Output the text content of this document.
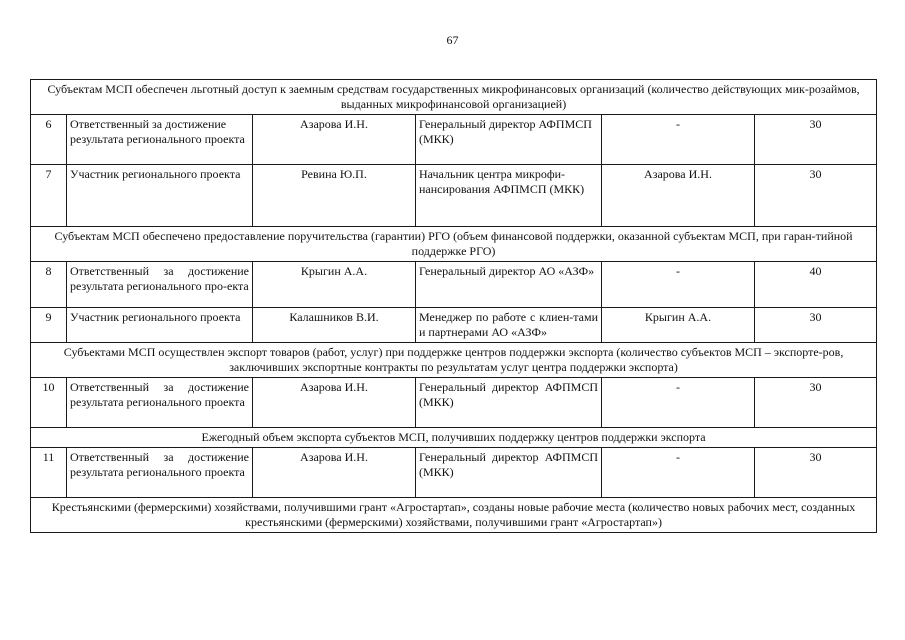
67
Субъектам МСП обеспечен льготный доступ к заемным средствам государственных микрофинансовых организаций (количество действующих мик-розаймов, выданных микрофинансовой организацией)					
6	Ответственный за достижение результата регионального проекта	Азарова И.Н.	Генеральный директор АФПМСП (МКК)	-	30
7	Участник регионального проекта	Ревина Ю.П.	Начальник центра микрофи-нансирования АФПМСП (МКК)	Азарова И.Н.	30
Субъектам МСП обеспечено предоставление поручительства (гарантии) РГО (объем финансовой поддержки, оказанной субъектам МСП, при гаран-тийной поддержке РГО)					
8	Ответственный за достижение результата регионального про-екта	Крыгин А.А.	Генеральный директор АО «АЗФ»	-	40
9	Участник регионального проекта	Калашников В.И.	Менеджер по работе с клиен-тами и партнерами АО «АЗФ»	Крыгин А.А.	30
Субъектами МСП осуществлен экспорт товаров (работ, услуг) при поддержке центров поддержки экспорта (количество субъектов МСП – экспорте-ров, заключивших экспортные контракты по результатам услуг центра поддержки экспорта)					
10	Ответственный за достижение результата регионального проекта	Азарова И.Н.	Генеральный директор АФПМСП (МКК)	-	30
Ежегодный объем экспорта субъектов МСП, получивших поддержку центров поддержки экспорта					
11	Ответственный за достижение результата регионального проекта	Азарова И.Н.	Генеральный директор АФПМСП (МКК)	-	30
Крестьянскими (фермерскими) хозяйствами, получившими грант «Агростартап», созданы новые рабочие места (количество новых рабочих мест, созданных крестьянскими (фермерскими) хозяйствами, получившими грант «Агростартап»)					
